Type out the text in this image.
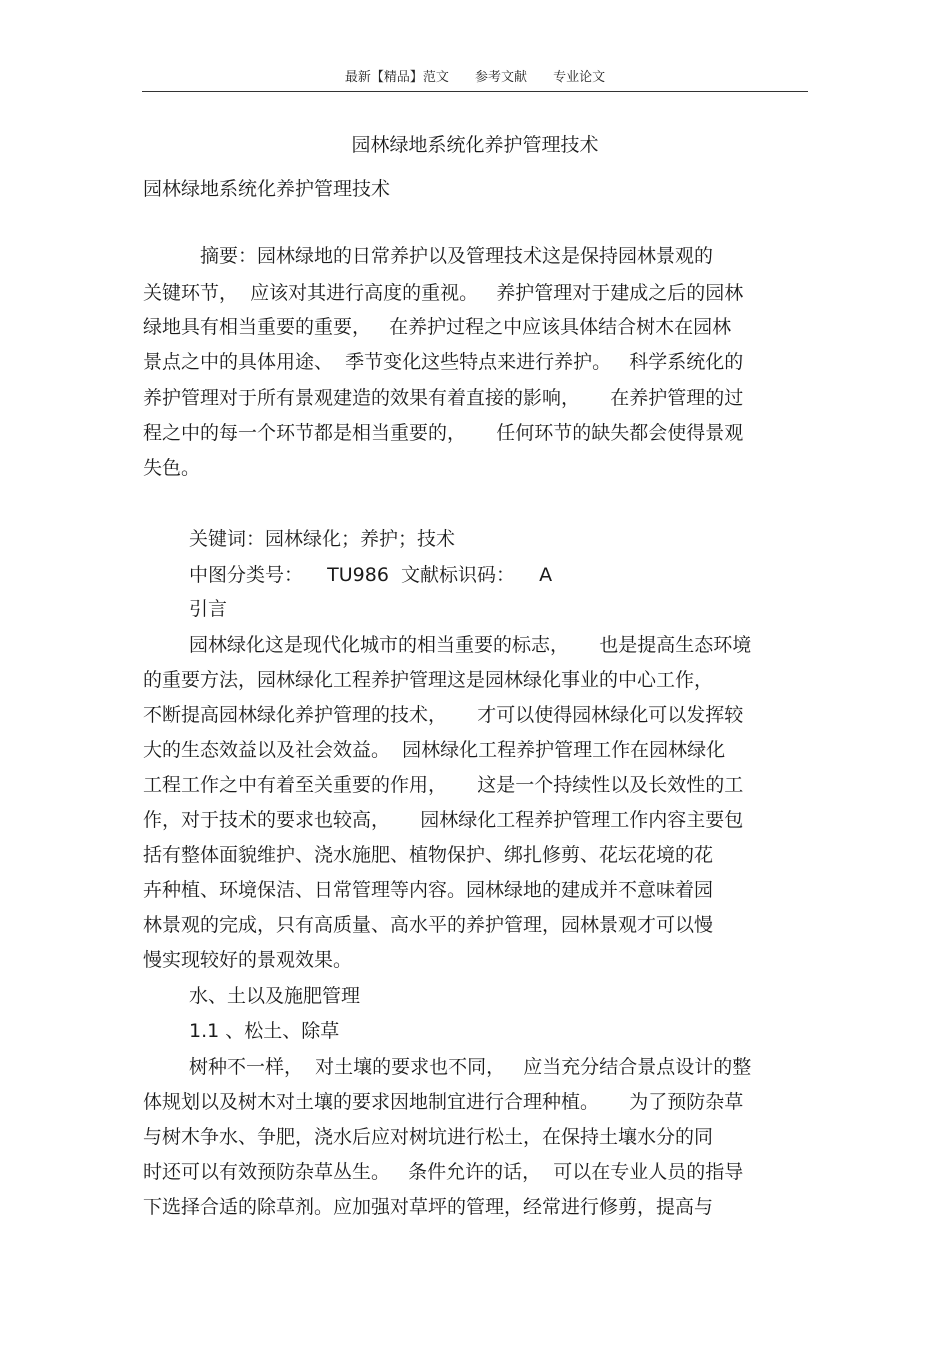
最新【精品】范文 参考文献 专业论文
园林绿地系统化养护管理技术
园林绿地系统化养护管理技术
摘要：园林绿地的日常养护以及管理技术这是保持园林景观的
关键环节，  应该对其进行高度的重视。   养护管理对于建成之后的园林
绿地具有相当重要的重要，   在养护过程之中应该具体结合树木在园林
景点之中的具体用途、  季节变化这些特点来进行养护。   科学系统化的
养护管理对于所有景观建造的效果有着直接的影响，     在养护管理的过
程之中的每一个环节都是相当重要的，     任何环节的缺失都会使得景观
失色。
关键词：园林绿化；养护；技术
中图分类号：    TU986  文献标识码：    A
引言
园林绿化这是现代化城市的相当重要的标志，     也是提高生态环境
的重要方法，园林绿化工程养护管理这是园林绿化事业的中心工作，
不断提高园林绿化养护管理的技术，     才可以使得园林绿化可以发挥较
大的生态效益以及社会效益。  园林绿化工程养护管理工作在园林绿化
工程工作之中有着至关重要的作用，     这是一个持续性以及长效性的工
作，对于技术的要求也较高，     园林绿化工程养护管理工作内容主要包
括有整体面貌维护、浇水施肥、植物保护、绑扎修剪、花坛花境的花
卉种植、环境保洁、日常管理等内容。园林绿地的建成并不意味着园
林景观的完成，只有高质量、高水平的养护管理，园林景观才可以慢
慢实现较好的景观效果。
水、土以及施肥管理
1.1 、松土、除草
树种不一样，  对土壤的要求也不同，   应当充分结合景点设计的整
体规划以及树木对土壤的要求因地制宜进行合理种植。     为了预防杂草
与树木争水、争肥，浇水后应对树坑进行松土，在保持土壤水分的同
时还可以有效预防杂草丛生。   条件允许的话，  可以在专业人员的指导
下选择合适的除草剂。应加强对草坪的管理，经常进行修剪，提高与
